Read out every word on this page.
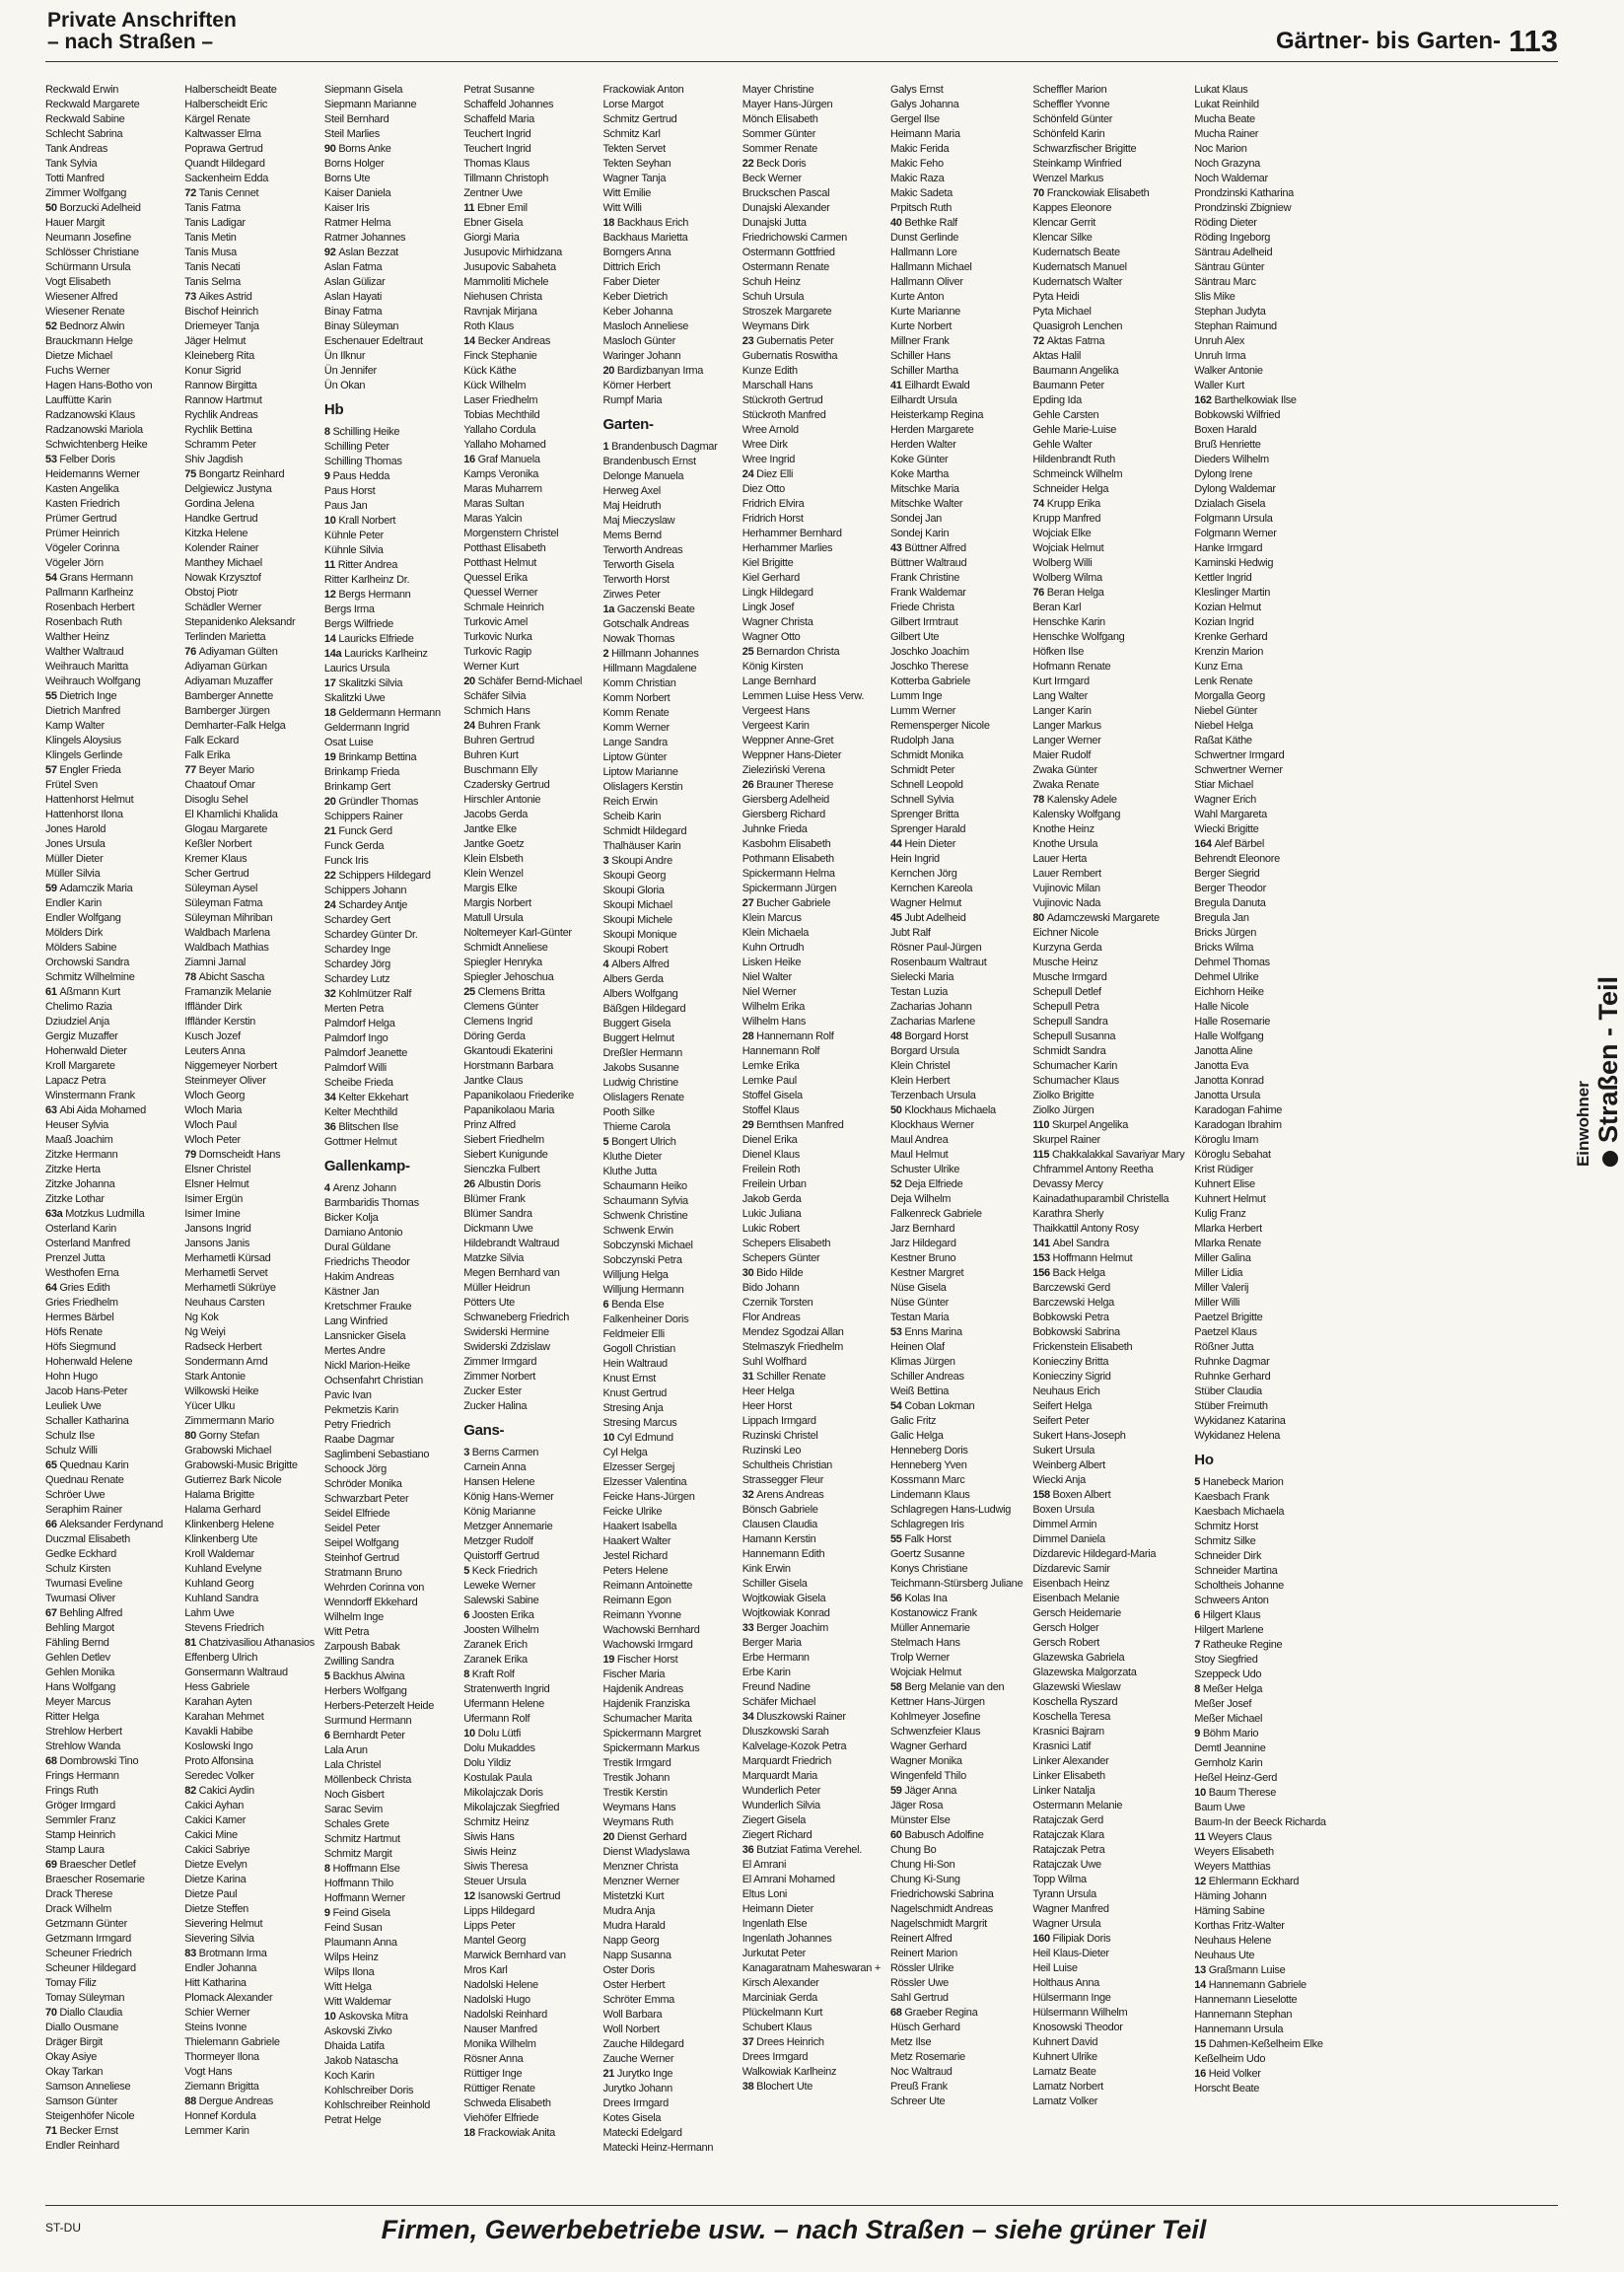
Private Anschriften
– nach Straßen –	Gärtner- bis Garten- 113
Reckwald Erwin
Reckwald Margarete
Reckwald Sabine
Schlecht Sabrina
Tank Andreas
Tank Sylvia
Totti Manfred
Zimmer Wolfgang
50 Borzucki Adelheid
Hauer Margit
Neumann Josefine
Schlösser Christiane
Schürmann Ursula
Vogt Elisabeth
Wiesener Alfred
Wiesener Renate
52 Bednorz Alwin
Brauckmann Helge
Dietze Michael
Fuchs Werner
Hagen Hans-Botho von
Lauffütte Karin
Radzanowski Klaus
Radzanowski Mariola
Schwichtenberg Heike
53 Felber Doris
Heidemanns Werner
Kasten Angelika
Kasten Friedrich
Prümer Gertrud
Prümer Heinrich
Vögeler Corinna
Vögeler Jörn
54 Grans Hermann
Pallmann Karlheinz
Rosenbach Herbert
Rosenbach Ruth
Walther Heinz
Walther Waltraud
Weihrauch Maritta
Weihrauch Wolfgang
55 Dietrich Inge
Dietrich Manfred
Kamp Walter
Klingels Aloysius
Klingels Gerlinde
57 Engler Frieda
Frütel Sven
Hattenhorst Helmut
Hattenhorst Ilona
Jones Harold
Jones Ursula
Müller Dieter
Müller Silvia
59 Adamczik Maria
Endler Karin
Endler Wolfgang
Mölders Dirk
Mölders Sabine
Orchowski Sandra
Schmitz Wilhelmine
61 Aßmann Kurt
Chelimo Razia
Dziudziel Anja
Gergiz Muzaffer
Hohenwald Dieter
Kroll Margarete
Lapacz Petra
Winstermann Frank
63 Abi Aida Mohamed
Heuser Sylvia
Maaß Joachim
Zitzke Hermann
Zitzke Herta
Zitzke Johanna
Zitzke Lothar
63a Motzkus Ludmilla
Osterland Karin
Osterland Manfred
Prenzel Jutta
Westhofen Erna
64 Gries Edith
Gries Friedhelm
Hermes Bärbel
Höfs Renate
Höfs Siegmund
Hohenwald Helene
Hohn Hugo
Jacob Hans-Peter
Leuliek Uwe
Schaller Katharina
Schulz Ilse
Schulz Willi
65 Quednau Karin
Quednau Renate
Schröer Uwe
Seraphim Rainer
66 Aleksander Ferdynand
Duczmal Elisabeth
Gedke Eckhard
Schulz Kirsten
Twumasi Eveline
Twumasi Oliver
67 Behling Alfred
Behling Margot
Fähling Bernd
Gehlen Detlev
Gehlen Monika
Hans Wolfgang
Meyer Marcus
Ritter Helga
Strehlow Herbert
Strehlow Wanda
68 Dombrowski Tino
Frings Hermann
Frings Ruth
Gröger Irmgard
Semmler Franz
Stamp Heinrich
Stamp Laura
69 Braescher Detlef
Braescher Rosemarie
Drack Therese
Drack Wilhelm
Getzmann Günter
Getzmann Irmgard
Scheuner Friedrich
Scheuner Hildegard
Tomay Filiz
Tomay Süleyman
70 Diallo Claudia
Diallo Ousmane
Dräger Birgit
Okay Asiye
Okay Tarkan
Samson Anneliese
Samson Günter
Steigenhöfer Nicole
71 Becker Ernst
Endler Reinhard
Halberscheidt Beate
Halberscheidt Eric
Kärgel Renate
Kaltwasser Elma
Poprawa Gertrud
Quandt Hildegard
Sackenheim Edda
72 Tanis Cennet
Tanis Fatma
Tanis Ladigar
Tanis Metin
Tanis Musa
Tanis Necati
Tanis Selma
73 Aikes Astrid
Bischof Heinrich
Driemeyer Tanja
Jäger Helmut
Kleineberg Rita
Konur Sigrid
Rannow Birgitta
Rannow Hartmut
Rychlik Andreas
Rychlik Bettina
Schramm Peter
Shiv Jagdish
75 Bongartz Reinhard
Delgiewicz Justyna
Gordina Jelena
Handke Gertrud
Kitzka Helene
Kolender Rainer
Manthey Michael
Nowak Krzysztof
Obstoj Piotr
Schädler Werner
Stepanidenko Aleksandr
Terlinden Marietta
76 Adiyaman Gülten
Adiyaman Gürkan
Adiyaman Muzaffer
Bamberger Annette
Bamberger Jürgen
Demharter-Falk Helga
Falk Eckard
Falk Erika
77 Beyer Mario
Chaatouf Omar
Disoglu Sehel
El Khamlichi Khalida
Glogau Margarete
Keßler Norbert
Kremer Klaus
Scher Gertrud
Süleyman Aysel
Süleyman Fatma
Süleyman Mihriban
Waldbach Marlena
Waldbach Mathias
Ziamni Jamal
78 Abicht Sascha
Framanzik Melanie
Iffländer Dirk
Iffländer Kerstin
Kusch Jozef
Leuters Anna
Niggemeyer Norbert
Steinmeyer Oliver
Wloch Georg
Wloch Maria
Wloch Paul
Wloch Peter
79 Dornscheidt Hans
Elsner Christel
Elsner Helmut
Isimer Ergün
Isimer Imine
Jansons Ingrid
Jansons Janis
Merhametli Kürsad
Merhametli Servet
Merhametli Sükrüye
Neuhaus Carsten
Ng Kok
Ng Weiyi
Radseck Herbert
Sondermann Arnd
Stark Antonie
Wilkowski Heike
Yücer Ulku
Zimmermann Mario
80 Gorny Stefan
Grabowski Michael
Grabowski-Music Brigitte
Gutierrez Bark Nicole
Halama Brigitte
Halama Gerhard
Klinkenberg Helene
Klinkenberg Ute
Kroll Waldemar
Kuhland Evelyne
Kuhland Georg
Kuhland Sandra
Lahm Uwe
Stevens Friedrich
81 Chatzivasiliou Athanasios
Effenberg Ulrich
Gonsermann Waltraud
Hess Gabriele
Karahan Ayten
Karahan Mehmet
Kavakli Habibe
Koslowski Ingo
Proto Alfonsina
Seredec Volker
82 Cakici Aydin
Cakici Ayhan
Cakici Kamer
Cakici Mine
Cakici Sabriye
Dietze Evelyn
Dietze Karina
Dietze Paul
Dietze Steffen
Sievering Helmut
Sievering Silvia
83 Brotmann Irma
Endler Johanna
Hitt Katharina
Plomack Alexander
Schier Werner
Steins Ivonne
Thielemann Gabriele
Thormeyer Ilona
Vogt Hans
Ziemann Brigitta
88 Dergue Andreas
Honnef Kordula
Lemmer Karin
Siepmann Gisela
Siepmann Marianne
Steil Bernhard
Steil Marlies
90 Borns Anke
Borns Holger
Borns Ute
Kaiser Daniela
Kaiser Iris
Ratmer Helma
Ratmer Johannes
92 Aslan Bezzat
Aslan Fatma
Aslan Gülizar
Aslan Hayati
Binay Fatma
Binay Süleyman
Eschenauer Edeltraut
Ün Ilknur
Ün Jennifer
Ün Okan
Hb
8 Schilling Heike
Schilling Peter
Schilling Thomas
9 Paus Hedda
Paus Horst
Paus Jan
10 Krall Norbert
Kühnle Peter
Kühnle Silvia
11 Ritter Andrea
Ritter Karlheinz Dr.
12 Bergs Hermann
Bergs Irma
Bergs Wilfriede
14 Lauricks Elfriede
14a Lauricks Karlheinz
Laurics Ursula
17 Skalitzki Silvia
Skalitzki Uwe
18 Geldermann Hermann
Geldermann Ingrid
Osat Luise
19 Brinkamp Bettina
Brinkamp Frieda
Brinkamp Gert
20 Gründler Thomas
Schippers Rainer
21 Funck Gerd
Funck Gerda
Funck Iris
22 Schippers Hildegard
Schippers Johann
24 Schardey Antje
Schardey Gert
Schardey Günter Dr.
Schardey Inge
Schardey Jörg
Schardey Lutz
32 Kohlmützer Ralf
Merten Petra
Palmdorf Helga
Palmdorf Ingo
Palmdorf Jeanette
Palmdorf Willi
Scheibe Frieda
34 Kelter Ekkehart
Kelter Mechthild
36 Blitschen Ilse
Gottmer Helmut
Gallenkamp-
4 Arenz Johann
Barmbaridis Thomas
Bicker Kolja
Damiano Antonio
Dural Güldane
Friedrichs Theodor
Hakim Andreas
Kästner Jan
Kretschmer Frauke
Lang Winfried
Lansnicker Gisela
Mertes Andre
Nickl Marion-Heike
Ochsenfahrt Christian
Pavic Ivan
Pekmetzis Karin
Petry Friedrich
Raabe Dagmar
Saglimbeni Sebastiano
Schoock Jörg
Schröder Monika
Schwarzbart Peter
Seidel Elfriede
Seidel Peter
Seipel Wolfgang
Steinhof Gertrud
Stratmann Bruno
Wehrden Corinna von
Wenndorff Ekkehard
Wilhelm Inge
Witt Petra
Zarpoush Babak
Zwilling Sandra
5 Backhus Alwina
Herbers Wolfgang
Herbers-Peterzelt Heide
Surmund Hermann
6 Bernhardt Peter
Lala Arun
Lala Christel
Möllenbeck Christa
Noch Gisbert
Sarac Sevim
Schales Grete
Schmitz Hartmut
Schmitz Margit
8 Hoffmann Else
Hoffmann Thilo
Hoffmann Werner
9 Feind Gisela
Feind Susan
Plaumann Anna
Wilps Heinz
Wilps Ilona
Witt Helga
Witt Waldemar
10 Askovska Mitra
Askovski Zivko
Dhaida Latifa
Jakob Natascha
Koch Karin
Kohlschreiber Doris
Kohlschreiber Reinhold
Petrat Helge
Petrat Susanne
Schaffeld Johannes
Schaffeld Maria
Teuchert Ingrid
Teuchert Ingrid
Thomas Klaus
Tillmann Christoph
Zentner Uwe
11 Ebner Emil
Ebner Gisela
Giorgi Maria
Jusupovic Mirhidzana
Jusupovic Sabaheta
Mammoliti Michele
Niehusen Christa
Ravnjak Mirjana
Roth Klaus
14 Becker Andreas
Finck Stephanie
Kück Käthe
Kück Wilhelm
Laser Friedhelm
Tobias Mechthild
Yallaho Cordula
Yallaho Mohamed
16 Graf Manuela
Kamps Veronika
Maras Muharrem
Maras Sultan
Maras Yalcin
Morgenstern Christel
Potthast Elisabeth
Potthast Helmut
Quessel Erika
Quessel Werner
Schmale Heinrich
Turkovic Amel
Turkovic Nurka
Turkovic Ragip
Werner Kurt
20 Schäfer Bernd-Michael
Schäfer Silvia
Schmich Hans
24 Buhren Frank
Buhren Gertrud
Buhren Kurt
Buschmann Elly
Czadersky Gertrud
Hirschler Antonie
Jacobs Gerda
Jantke Elke
Jantke Goetz
Klein Elsbeth
Klein Wenzel
Margis Elke
Margis Norbert
Matull Ursula
Noltemeyer Karl-Günter
Schmidt Anneliese
Spiegler Henryka
Spiegler Jehoschua
25 Clemens Britta
Clemens Günter
Clemens Ingrid
Döring Gerda
Gkantoudi Ekaterini
Horstmann Barbara
Jantke Claus
Papanikolaou Friederike
Papanikolaou Maria
Prinz Alfred
Siebert Friedhelm
Siebert Kunigunde
Sienczka Fulbert
26 Albustin Doris
Blümer Frank
Blümer Sandra
Dickmann Uwe
Hildebrandt Waltraud
Matzke Silvia
Megen Bernhard van
Müller Heidrun
Pötters Ute
Schwaneberg Friedrich
Swiderski Hermine
Swiderski Zdzislaw
Zimmer Irmgard
Zimmer Norbert
Zucker Ester
Zucker Halina
Gans-
3 Berns Carmen
Carnein Anna
Hansen Helene
König Hans-Werner
König Marianne
Metzger Annemarie
Metzger Rudolf
Quistorff Gertrud
5 Keck Friedrich
Leweke Werner
Salewski Sabine
6 Joosten Erika
Joosten Wilhelm
Zaranek Erich
Zaranek Erika
8 Kraft Rolf
Stratenwerth Ingrid
Ufermann Helene
Ufermann Rolf
10 Dolu Lütfi
Dolu Mukaddes
Dolu Yildiz
Kostulak Paula
Mikolajczak Doris
Mikolajczak Siegfried
Schmitz Heinz
Siwis Hans
Siwis Heinz
Siwis Theresa
Steuer Ursula
12 Isanowski Gertrud
Lipps Hildegard
Lipps Peter
Mantel Georg
Marwick Bernhard van
Mros Karl
Nadolski Helene
Nadolski Hugo
Nadolski Reinhard
Nauser Manfred
Monika Wilhelm
Rösner Anna
Rüttiger Inge
Rüttiger Renate
Schweda Elisabeth
Viehöfer Elfriede
18 Frackowiak Anita
Frackowiak Anton
Lorse Margot
Schmitz Gertrud
Schmitz Karl
Tekten Servet
Tekten Seyhan
Wagner Tanja
Witt Emilie
Witt Willi
18 Backhaus Erich
Backhaus Marietta
Borngers Anna
Dittrich Erich
Faber Dieter
Keber Dietrich
Keber Johanna
Masloch Anneliese
Masloch Günter
Waringer Johann
20 Bardizbanyan Irma
Körner Herbert
Rumpf Maria
Garten-
1 Brandenbusch Dagmar
Brandenbusch Ernst
Delonge Manuela
Herweg Axel
Maj Heidruth
Maj Mieczyslaw
Mems Bernd
Terworth Andreas
Terworth Gisela
Terworth Horst
Zirwes Peter
1a Gaczenski Beate
Gotschalk Andreas
Nowak Thomas
2 Hillmann Johannes
Hillmann Magdalene
Komm Christian
Komm Norbert
Komm Renate
Komm Werner
Lange Sandra
Liptow Günter
Liptow Marianne
Olislagers Kerstin
Reich Erwin
Scheib Karin
Schmidt Hildegard
Thalhäuser Karin
3 Skoupi Andre
Skoupi Georg
Skoupi Gloria
Skoupi Michael
Skoupi Michele
Skoupi Monique
Skoupi Robert
4 Albers Alfred
Albers Gerda
Albers Wolfgang
Bäßgen Hildegard
Buggert Gisela
Buggert Helmut
Dreßler Hermann
Jakobs Susanne
Ludwig Christine
Olislagers Renate
Pooth Silke
Thieme Carola
5 Bongert Ulrich
Kluthe Dieter
Kluthe Jutta
Schaumann Heiko
Schaumann Sylvia
Schwenk Christine
Schwenk Erwin
Sobczynski Michael
Sobczynski Petra
Willjung Helga
Willjung Hermann
6 Benda Else
Falkenheiner Doris
Feldmeier Elli
Gogoll Christian
Hein Waltraud
Knust Ernst
Knust Gertrud
Stresing Anja
Stresing Marcus
10 Cyl Edmund
Cyl Helga
Elzesser Sergej
Elzesser Valentina
Feicke Hans-Jürgen
Feicke Ulrike
Haakert Isabella
Haakert Walter
Jestel Richard
Peters Helene
Reimann Antoinette
Reimann Egon
Reimann Yvonne
Wachowski Bernhard
Wachowski Irmgard
19 Fischer Horst
Fischer Maria
Hajdenik Andreas
Hajdenik Franziska
Schumacher Marita
Spickermann Margret
Spickermann Markus
Trestik Irmgard
Trestik Johann
Trestik Kerstin
Weymans Hans
Weymans Ruth
20 Dienst Gerhard
Dienst Wladyslawa
Menzner Christa
Menzner Werner
Mistetzki Kurt
Mudra Anja
Mudra Harald
Napp Georg
Napp Susanna
Oster Doris
Oster Herbert
Schröter Emma
Woll Barbara
Woll Norbert
Zauche Hildegard
Zauche Werner
21 Jurytko Inge
Jurytko Johann
Drees Irmgard
Kotes Gisela
Matecki Edelgard
Matecki Heinz-Hermann
Mayer Christine
Mayer Hans-Jürgen
Mönch Elisabeth
Sommer Günter
Sommer Renate
22 Beck Doris
Beck Werner
Bruckschen Pascal
Dunajski Alexander
Dunajski Jutta
Friedrichowski Carmen
Ostermann Gottfried
Ostermann Renate
Schuh Heinz
Schuh Ursula
Stroszek Margarete
Weymans Dirk
23 Gubernatis Peter
Gubernatis Roswitha
Kunze Edith
Marschall Hans
Stückroth Gertrud
Stückroth Manfred
Wree Arnold
Wree Dirk
Wree Ingrid
24 Diez Elli
Diez Otto
Fridrich Elvira
Fridrich Horst
Herhammer Bernhard
Herhammer Marlies
Kiel Brigitte
Kiel Gerhard
Lingk Hildegard
Lingk Josef
Wagner Christa
Wagner Otto
25 Bernardon Christa
König Kirsten
Lange Bernhard
Lemmen Luise Hess Verw.
Vergeest Hans
Vergeest Karin
Weppner Anne-Gret
Weppner Hans-Dieter
Zieleziński Verena
26 Brauner Therese
Giersberg Adelheid
Giersberg Richard
Juhnke Frieda
Kasbohm Elisabeth
Pothmann Elisabeth
Spickermann Helma
Spickermann Jürgen
27 Bucher Gabriele
Klein Marcus
Klein Michaela
Kuhn Ortrudh
Lisken Heike
Niel Walter
Niel Werner
Wilhelm Erika
Wilhelm Hans
28 Hannemann Rolf
Hannemann Rolf
Lemke Erika
Lemke Paul
Stoffel Gisela
Stoffel Klaus
29 Bernthsen Manfred
Dienel Erika
Dienel Klaus
Freilein Roth
Freilein Urban
Jakob Gerda
Lukic Juliana
Lukic Robert
Schepers Elisabeth
Schepers Günter
30 Bido Hilde
Bido Johann
Czernik Torsten
Flor Andreas
Mendez Sgodzai Allan
Stelmaszyk Friedhelm
Suhl Wolfhard
31 Schiller Renate
Heer Helga
Heer Horst
Lippach Irmgard
Ruzinski Christel
Ruzinski Leo
Schultheis Christian
Strassegger Fleur
32 Arens Andreas
Bönsch Gabriele
Clausen Claudia
Hamann Kerstin
Hannemann Edith
Kink Erwin
Schiller Gisela
Wojtkowiak Gisela
Wojtkowiak Konrad
33 Berger Joachim
Berger Maria
Erbe Hermann
Erbe Karin
Freund Nadine
Schäfer Michael
34 Dluszkowski Rainer
Dluszkowski Sarah
Kalvelage-Kozok Petra
Marquardt Friedrich
Marquardt Maria
Wunderlich Peter
Wunderlich Silvia
Ziegert Gisela
Ziegert Richard
36 Butziat Fatima Verehel.
El Amrani
El Amrani Mohamed
Eltus Loni
Heimann Dieter
Ingenlath Else
Ingenlath Johannes
Jurkutat Peter
Kanagaratnam Maheswaran +
Kirsch Alexander
Marciniak Gerda
Plückelmann Kurt
Schubert Klaus
37 Drees Heinrich
Drees Irmgard
Walkowiak Karlheinz
38 Blochert Ute
Galys Ernst
Galys Johanna
Gergel Ilse
Heimann Maria
Makic Ferida
Makic Feho
Makic Raza
Makic Sadeta
Prpitsch Ruth
40 Bethke Ralf
Dunst Gerlinde
Hallmann Lore
Hallmann Michael
Hallmann Oliver
Kurte Anton
Kurte Marianne
Kurte Norbert
Millner Frank
Schiller Hans
Schiller Martha
41 Eilhardt Ewald
Eilhardt Ursula
Heisterkamp Regina
Herden Margarete
Herden Walter
Koke Günter
Koke Martha
Mitschke Maria
Mitschke Walter
Sondej Jan
Sondej Karin
43 Büttner Alfred
Büttner Waltraud
Frank Christine
Frank Waldemar
Friede Christa
Gilbert Irmtraut
Gilbert Ute
Joschko Joachim
Joschko Therese
Kotterba Gabriele
Lumm Inge
Lumm Werner
Remensperger Nicole
Rudolph Jana
Schmidt Monika
Schmidt Peter
Schnell Leopold
Schnell Sylvia
Sprenger Britta
Sprenger Harald
44 Hein Dieter
Hein Ingrid
Kernchen Jörg
Kernchen Kareola
Wagner Helmut
45 Jubt Adelheid
Jubt Ralf
Rösner Paul-Jürgen
Rosenbaum Waltraut
Sielecki Maria
Testan Luzia
Zacharias Johann
Zacharias Marlene
48 Borgard Horst
Borgard Ursula
Klein Christel
Klein Herbert
Terzenbach Ursula
50 Klockhaus Michaela
Klockhaus Werner
Maul Andrea
Maul Helmut
Schuster Ulrike
52 Deja Elfriede
Deja Wilhelm
Falkenreck Gabriele
Jarz Bernhard
Jarz Hildegard
Kestner Bruno
Kestner Margret
Nüse Gisela
Nüse Günter
Testan Maria
53 Enns Marina
Heinen Olaf
Klimas Jürgen
Schiller Andreas
Weiß Bettina
54 Coban Lokman
Galic Fritz
Galic Helga
Henneberg Doris
Henneberg Yven
Kossmann Marc
Lindemann Klaus
Schlagregen Hans-Ludwig
Schlagregen Iris
55 Falk Horst
Goertz Susanne
Konys Christiane
Teichmann-Stürsberg Juliane
56 Kolas Ina
Kostanowicz Frank
Müller Annemarie
Stelmach Hans
Trolp Werner
Wojciak Helmut
58 Berg Melanie van den
Kettner Hans-Jürgen
Kohlmeyer Josefine
Schwenzfeier Klaus
Wagner Gerhard
Wagner Monika
Wingenfeld Thilo
59 Jäger Anna
Jäger Rosa
Münster Else
60 Babusch Adolfine
Chung Bo
Chung Hi-Son
Chung Ki-Sung
Friedrichowski Sabrina
Nagelschmidt Andreas
Nagelschmidt Margrit
Reinert Alfred
Reinert Marion
Rössler Ulrike
Rössler Uwe
Sahl Gertrud
68 Graeber Regina
Hüsch Gerhard
Metz Ilse
Metz Rosemarie
Noc Waltraud
Preuß Frank
Schreer Ute
Scheffler Marion
Scheffler Yvonne
Schönfeld Günter
Schönfeld Karin
Schwarzfischer Brigitte
Steinkamp Winfried
Wenzel Markus
70 Franckowiak Elisabeth
Kappes Eleonore
Klencar Gerrit
Klencar Silke
Kudernatsch Beate
Kudernatsch Manuel
Kudernatsch Walter
Pyta Heidi
Pyta Michael
Quasigroh Lenchen
72 Aktas Fatma
Aktas Halil
Baumann Angelika
Baumann Peter
Epding Ida
Gehle Carsten
Gehle Marie-Luise
Gehle Walter
Hildenbrandt Ruth
Schmeinck Wilhelm
Schneider Helga
74 Krupp Erika
Krupp Manfred
Wojciak Elke
Wojciak Helmut
Wolberg Willi
Wolberg Wilma
76 Beran Helga
Beran Karl
Henschke Karin
Henschke Wolfgang
Höfken Ilse
Hofmann Renate
Kurt Irmgard
Lang Walter
Langer Karin
Langer Markus
Langer Werner
Maier Rudolf
Zwaka Günter
Zwaka Renate
78 Kalensky Adele
Kalensky Wolfgang
Knothe Heinz
Knothe Ursula
Lauer Herta
Lauer Rembert
Vujinovic Milan
Vujinovic Nada
80 Adamczewski Margarete
Eichner Nicole
Kurzyna Gerda
Musche Heinz
Musche Irmgard
Schepull Detlef
Schepull Petra
Schepull Sandra
Schepull Susanna
Schmidt Sandra
Schumacher Karin
Schumacher Klaus
Ziolko Brigitte
Ziolko Jürgen
110 Skurpel Angelika
Skurpel Rainer
115 Chakkalakkal Savariyar Mary
Chframmel Antony Reetha
Devassy Mercy
Kainadathuparambil Christella
Karathra Sherly
Thaikkattil Antony Rosy
141 Abel Sandra
153 Hoffmann Helmut
156 Back Helga
Barczewski Gerd
Barczewski Helga
Bobkowski Petra
Bobkowski Sabrina
Frickenstein Elisabeth
Koniecziny Britta
Koniecziny Sigrid
Neuhaus Erich
Seifert Helga
Seifert Peter
Sukert Hans-Joseph
Sukert Ursula
Weinberg Albert
Wiecki Anja
158 Boxen Albert
Boxen Ursula
Dimmel Armin
Dimmel Daniela
Dizdarevic Hildegard-Maria
Dizdarevic Samir
Eisenbach Heinz
Eisenbach Melanie
Gersch Heidemarie
Gersch Holger
Gersch Robert
Glazewska Gabriela
Glazewska Malgorzata
Glazewski Wieslaw
Koschella Ryszard
Koschella Teresa
Krasnici Bajram
Krasnici Latif
Linker Alexander
Linker Elisabeth
Linker Natalja
Ostermann Melanie
Ratajczak Gerd
Ratajczak Klara
Ratajczak Petra
Ratajczak Uwe
Topp Wilma
Tyrann Ursula
Wagner Manfred
Wagner Ursula
160 Filipiak Doris
Heil Klaus-Dieter
Heil Luise
Holthaus Anna
Hülsermann Inge
Hülsermann Wilhelm
Knosowski Theodor
Kuhnert David
Kuhnert Ulrike
Lamatz Beate
Lamatz Norbert
Lamatz Volker
Lukat Klaus
Lukat Reinhild
Mucha Beate
Mucha Rainer
Noc Marion
Noch Grazyna
Noch Waldemar
Prondzinski Katharina
Prondzinski Zbigniew
Röding Dieter
Röding Ingeborg
Säntrau Adelheid
Säntrau Günter
Säntrau Marc
Slis Mike
Stephan Judyta
Stephan Raimund
Unruh Alex
Unruh Irma
Walker Antonie
Waller Kurt
162 Barthelkowiak Ilse
Bobkowski Wilfried
Boxen Harald
Bruß Henriette
Dieders Wilhelm
Dylong Irene
Dylong Waldemar
Dzialach Gisela
Folgmann Ursula
Folgmann Werner
Hanke Irmgard
Kaminski Hedwig
Kettler Ingrid
Kleslinger Martin
Kozian Helmut
Kozian Ingrid
Krenke Gerhard
Krenzin Marion
Kunz Erna
Lenk Renate
Morgalla Georg
Niebel Günter
Niebel Helga
Raßat Käthe
Schwertner Irmgard
Schwertner Werner
Stiar Michael
Wagner Erich
Wahl Margareta
Wiecki Brigitte
164 Alef Bärbel
Behrendt Eleonore
Berger Siegrid
Berger Theodor
Bregula Danuta
Bregula Jan
Bricks Jürgen
Bricks Wilma
Dehmel Thomas
Dehmel Ulrike
Eichhorn Heike
Halle Nicole
Halle Rosemarie
Halle Wolfgang
Janotta Aline
Janotta Eva
Janotta Konrad
Janotta Ursula
Karadogan Fahime
Karadogan Ibrahim
Köroglu Imam
Köroglu Sebahat
Krist Rüdiger
Kuhnert Elise
Kuhnert Helmut
Kulig Franz
Mlarka Herbert
Mlarka Renate
Miller Galina
Miller Lidia
Miller Valerij
Miller Willi
Paetzel Brigitte
Paetzel Klaus
Rößner Jutta
Ruhnke Dagmar
Ruhnke Gerhard
Stüber Claudia
Stüber Freimuth
Wykidanez Katarina
Wykidanez Helena
Ho
5 Hanebeck Marion
Kaesbach Frank
Kaesbach Michaela
Schmitz Horst
Schmitz Silke
Schneider Dirk
Schneider Martina
Scholtheis Johanne
Schweers Anton
6 Hilgert Klaus
Hilgert Marlene
7 Ratheuke Regine
Stoy Siegfried
Szeppeck Udo
8 Meßer Helga
Meßer Josef
Meßer Michael
9 Böhm Mario
Demtl Jeannine
Gernholz Karin
Heßel Heinz-Gerd
10 Baum Therese
Baum Uwe
Baum-In der Beeck Richarda
11 Weyers Claus
Weyers Elisabeth
Weyers Matthias
12 Ehlermann Eckhard
Häming Johann
Häming Sabine
Korthas Fritz-Walter
Neuhaus Helene
Neuhaus Ute
13 Graßmann Luise
14 Hannemann Gabriele
Hannemann Lieselotte
Hannemann Stephan
Hannemann Ursula
15 Dahmen-Keßelheim Elke
Keßelheim Udo
16 Heid Volker
Horscht Beate
Einwohner Straßen - Teil
ST-DU	Firmen, Gewerbebetriebe usw. – nach Straßen – siehe grüner Teil
